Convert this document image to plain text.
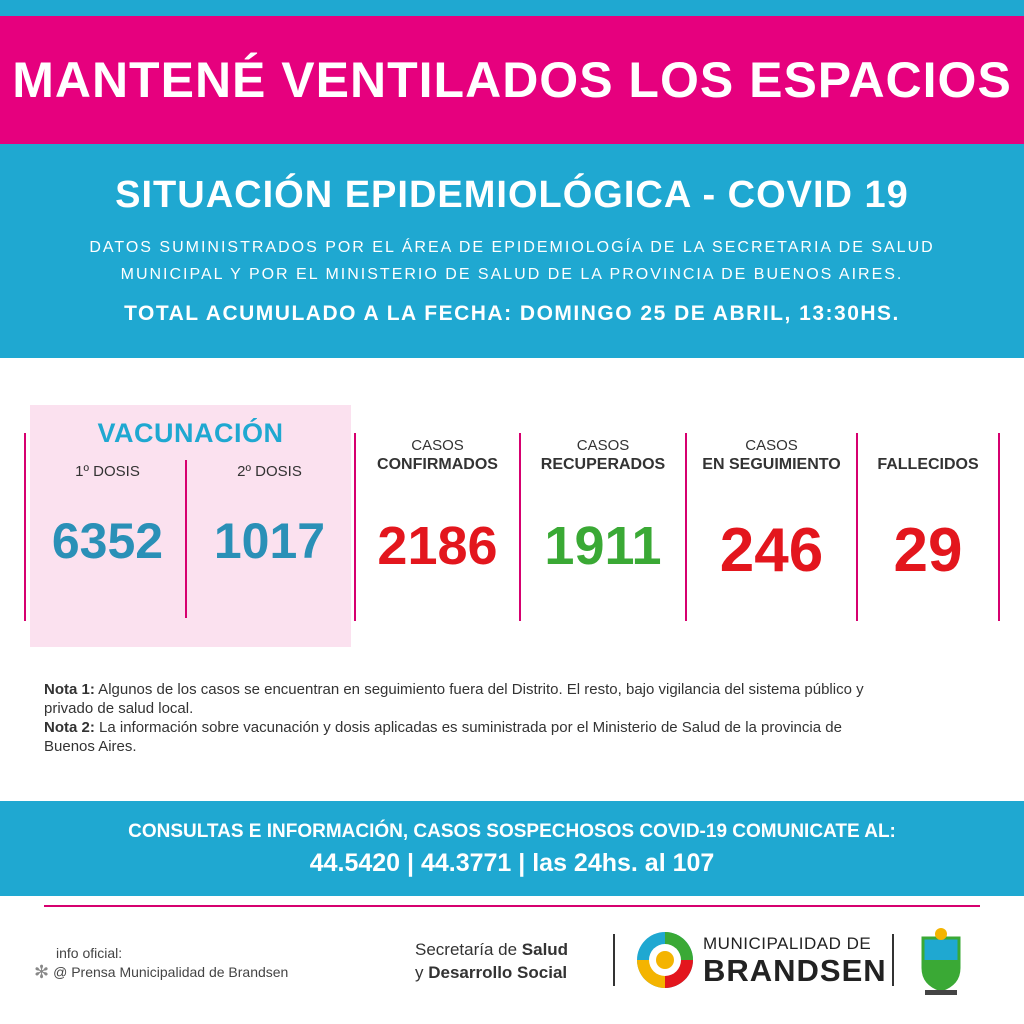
MANTENÉ VENTILADOS LOS ESPACIOS
SITUACIÓN EPIDEMIOLÓGICA - COVID 19
DATOS SUMINISTRADOS POR EL ÁREA DE EPIDEMIOLOGÍA DE LA SECRETARIA DE SALUD
MUNICIPAL Y POR EL MINISTERIO DE SALUD DE LA PROVINCIA DE BUENOS AIRES.
TOTAL ACUMULADO A LA FECHA: DOMINGO 25 DE ABRIL, 13:30HS.
VACUNACIÓN
1º DOSIS
6352
2º DOSIS
1017
CASOS
CONFIRMADOS
2186
CASOS
RECUPERADOS
1911
CASOS
EN SEGUIMIENTO
246
FALLECIDOS
29
Nota 1: Algunos de los casos se encuentran en seguimiento fuera del Distrito. El resto, bajo vigilancia del sistema público y privado de salud local.
Nota 2: La información sobre vacunación y dosis aplicadas es suministrada por el Ministerio de Salud de la provincia de Buenos Aires.
CONSULTAS E INFORMACIÓN, CASOS SOSPECHOSOS COVID-19 COMUNICATE AL:
44.5420 | 44.3771 | las 24hs. al 107
info oficial:
✻ @ Prensa Municipalidad de Brandsen
Secretaría de Salud
y Desarrollo Social
MUNICIPALIDAD DE
BRANDSEN
